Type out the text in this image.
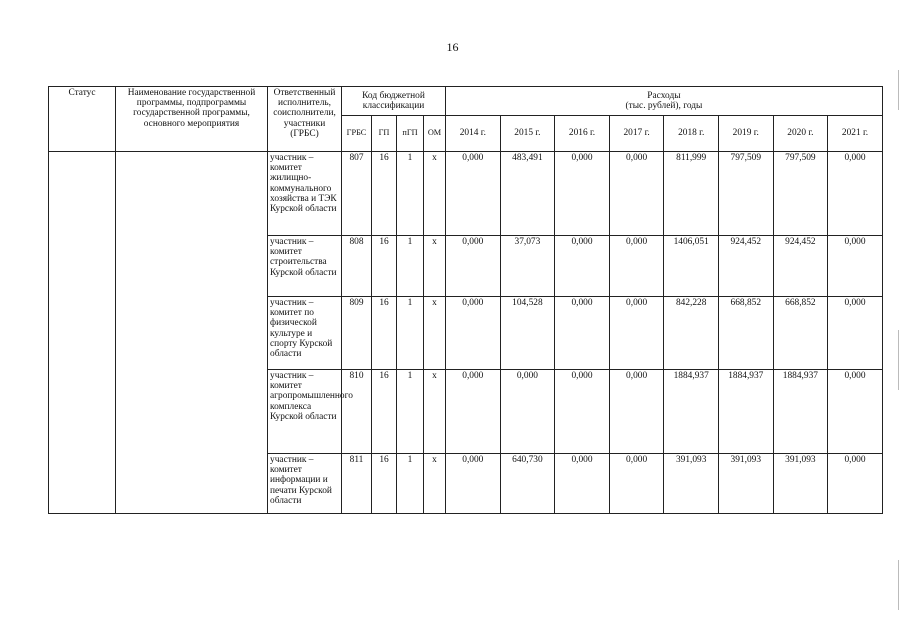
16
Статус	Наименование государственной программы, подпрограммы государственной программы, основного мероприятия	Ответственный исполнитель, соисполнители, участники (ГРБС)	Код бюджетной классификации				Расходы
(тыс. рублей), годы							

			ГРБС	ГП	пГП	ОМ	2014 г.	2015 г.	2016 г.	2017 г.	2018 г.	2019 г.	2020 г.	2021 г.
		участник – комитет жилищно-коммунального хозяйства и ТЭК Курской области	807	16	1	х	0,000	483,491	0,000	0,000	811,999	797,509	797,509	0,000
		участник – комитет строительства Курской области	808	16	1	х	0,000	37,073	0,000	0,000	1406,051	924,452	924,452	0,000
		участник – комитет по физической культуре и спорту Курской области	809	16	1	х	0,000	104,528	0,000	0,000	842,228	668,852	668,852	0,000
		участник – комитет агропромышленного комплекса Курской области	810	16	1	х	0,000	0,000	0,000	0,000	1884,937	1884,937	1884,937	0,000
		участник – комитет информации и печати Курской области	811	16	1	х	0,000	640,730	0,000	0,000	391,093	391,093	391,093	0,000
